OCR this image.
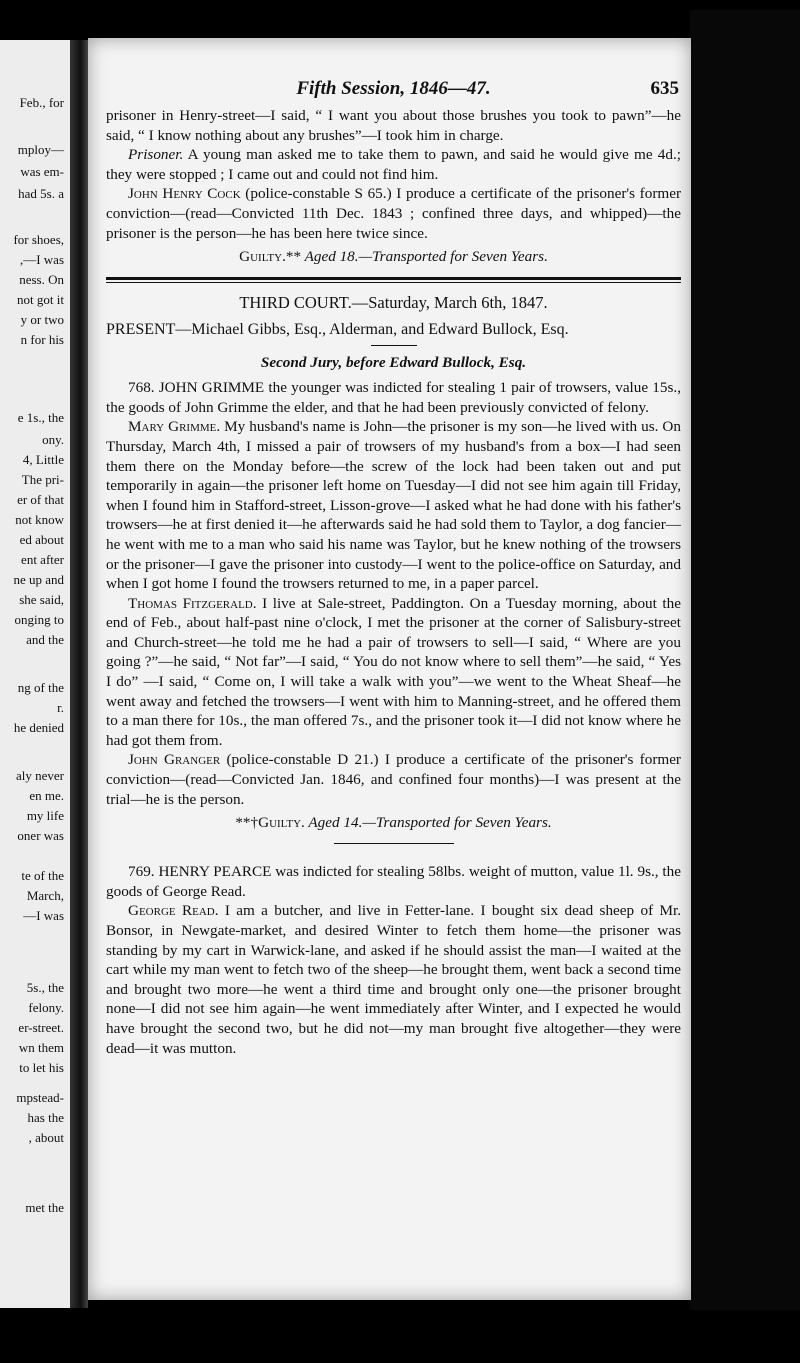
Feb., for
mploy—
was em-
had 5s. a
for shoes,
,—I was
ness. On
not got it
y or two
n for his
e 1s., the
ony.
4, Little
The pri-
er of that
not know
ed about
ent after
ne up and
she said,
onging to
and the
ng of the
r.
he denied
aly never
en me.
my life
oner was
te of the
March,
—I was
5s., the
felony.
er-street.
wn them
to let his
mpstead-
has the
, about
met the
Fifth Session, 1846—47.	635

prisoner in Henry-street—I said, “ I want you about those brushes you took to pawn”—he said, “ I know nothing about any brushes”—I took him in charge.

Prisoner. A young man asked me to take them to pawn, and said he would give me 4d.; they were stopped ; I came out and could not find him.

John Henry Cock (police-constable S 65.) I produce a certificate of the prisoner's former conviction—(read—Convicted 11th Dec. 1843 ; confined three days, and whipped)—the prisoner is the person—he has been here twice since.

Guilty.** Aged 18.—Transported for Seven Years.
THIRD COURT.—Saturday, March 6th, 1847.
PRESENT—Michael Gibbs, Esq., Alderman, and Edward Bullock, Esq.
Second Jury, before Edward Bullock, Esq.

768. JOHN GRIMME the younger was indicted for stealing 1 pair of trowsers, value 15s., the goods of John Grimme the elder, and that he had been previously convicted of felony.

Mary Grimme. My husband's name is John—the prisoner is my son—he lived with us. On Thursday, March 4th, I missed a pair of trowsers of my husband's from a box—I had seen them there on the Monday before—the screw of the lock had been taken out and put temporarily in again—the prisoner left home on Tuesday—I did not see him again till Friday, when I found him in Stafford-street, Lisson-grove—I asked what he had done with his father's trowsers—he at first denied it—he afterwards said he had sold them to Taylor, a dog fancier—he went with me to a man who said his name was Taylor, but he knew nothing of the trowsers or the prisoner—I gave the prisoner into custody—I went to the police-office on Saturday, and when I got home I found the trowsers returned to me, in a paper parcel.

Thomas Fitzgerald. I live at Sale-street, Paddington. On a Tuesday morning, about the end of Feb., about half-past nine o'clock, I met the prisoner at the corner of Salisbury-street and Church-street—he told me he had a pair of trowsers to sell—I said, “ Where are you going ?”—he said, “ Not far”—I said, “ You do not know where to sell them”—he said, “ Yes I do” —I said, “ Come on, I will take a walk with you”—we went to the Wheat Sheaf—he went away and fetched the trowsers—I went with him to Manning-street, and he offered them to a man there for 10s., the man offered 7s., and the prisoner took it—I did not know where he had got them from.

John Granger (police-constable D 21.) I produce a certificate of the prisoner's former conviction—(read—Convicted Jan. 1846, and confined four months)—I was present at the trial—he is the person.

**†Guilty. Aged 14.—Transported for Seven Years.

769. HENRY PEARCE was indicted for stealing 58lbs. weight of mutton, value 1l. 9s., the goods of George Read.

George Read. I am a butcher, and live in Fetter-lane. I bought six dead sheep of Mr. Bonsor, in Newgate-market, and desired Winter to fetch them home—the prisoner was standing by my cart in Warwick-lane, and asked if he should assist the man—I waited at the cart while my man went to fetch two of the sheep—he brought them, went back a second time and brought two more—he went a third time and brought only one—the prisoner brought none—I did not see him again—he went immediately after Winter, and I expected he would have brought the second two, but he did not—my man brought five altogether—they were dead—it was mutton.
